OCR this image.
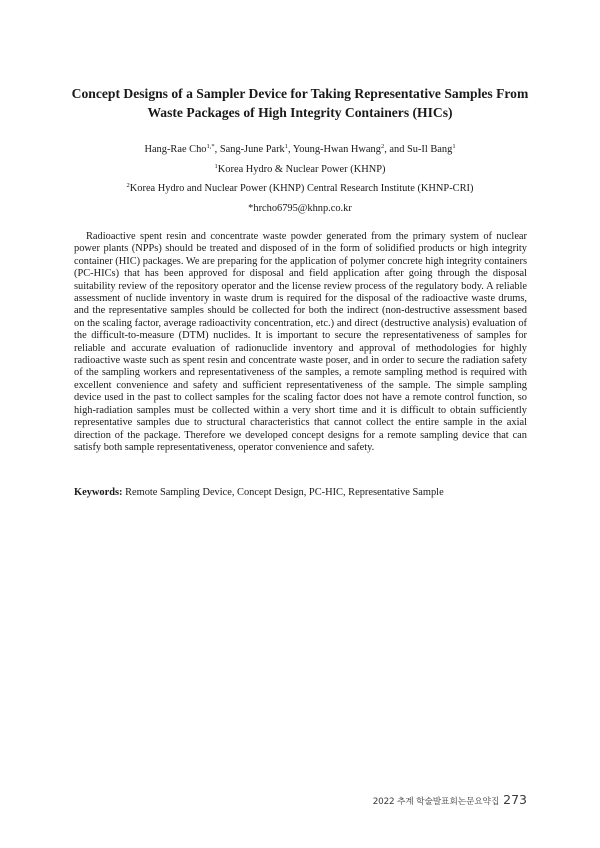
Concept Designs of a Sampler Device for Taking Representative Samples From
Waste Packages of High Integrity Containers (HICs)
Hang-Rae Cho$^{1,*}$, Sang-June Park$^1$, Young-Hwan Hwang$^2$, and Su-Il Bang$^1$
$^1$Korea Hydro & Nuclear Power (KHNP)
$^2$Korea Hydro and Nuclear Power (KHNP) Central Research Institute (KHNP-CRI)
*hrcho6795@khnp.co.kr

Radioactive spent resin and concentrate waste powder generated from the primary system of nuclear power plants (NPPs) should be treated and disposed of in the form of solidified products or high integrity container (HIC) packages. We are preparing for the application of polymer concrete high integrity containers (PC-HICs) that has been approved for disposal and field application after going through the disposal suitability review of the repository operator and the license review process of the regulatory body. A reliable assessment of nuclide inventory in waste drum is required for the disposal of the radioactive waste drums, and the representative samples should be collected for both the indirect (non-destructive assessment based on the scaling factor, average radioactivity concentration, etc.) and direct (destructive analysis) evaluation of the difficult-to-measure (DTM) nuclides. It is important to secure the representativeness of samples for reliable and accurate evaluation of radionuclide inventory and approval of methodologies for highly radioactive waste such as spent resin and concentrate waste poser, and in order to secure the radiation safety of the sampling workers and representativeness of the samples, a remote sampling method is required with excellent convenience and safety and sufficient representativeness of the sample. The simple sampling device used in the past to collect samples for the scaling factor does not have a remote control function, so high-radiation samples must be collected within a very short time and it is difficult to obtain sufficiently representative samples due to structural characteristics that cannot collect the entire sample in the axial direction of the package. Therefore we developed concept designs for a remote sampling device that can satisfy both sample representativeness, operator convenience and safety.

Keywords: Remote Sampling Device, Concept Design, PC-HIC, Representative Sample

2022 추계 학술발표회논문요약집 273
